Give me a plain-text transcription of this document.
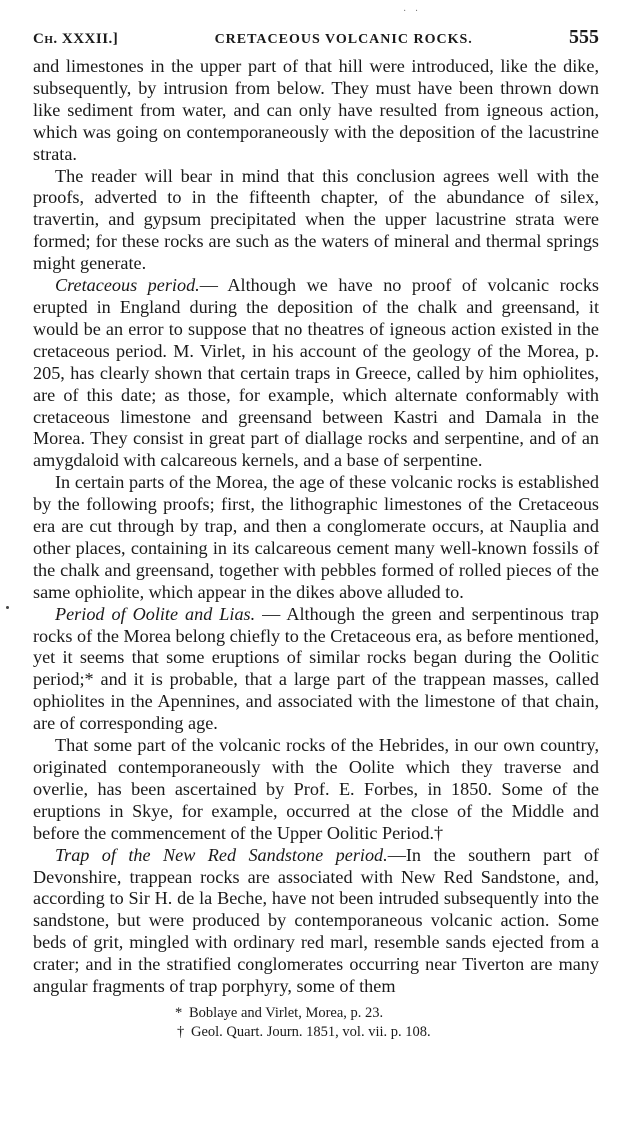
· ·
Ch. XXXII.]	CRETACEOUS VOLCANIC ROCKS.	555

and limestones in the upper part of that hill were introduced, like the dike, subsequently, by intrusion from below. They must have been thrown down like sediment from water, and can only have resulted from igneous action, which was going on contemporaneously with the deposition of the lacustrine strata.

The reader will bear in mind that this conclusion agrees well with the proofs, adverted to in the fifteenth chapter, of the abundance of silex, travertin, and gypsum precipitated when the upper lacustrine strata were formed; for these rocks are such as the waters of mineral and thermal springs might generate.

Cretaceous period.— Although we have no proof of volcanic rocks erupted in England during the deposition of the chalk and greensand, it would be an error to suppose that no theatres of igneous action existed in the cretaceous period. M. Virlet, in his account of the geology of the Morea, p. 205, has clearly shown that certain traps in Greece, called by him ophiolites, are of this date; as those, for example, which alternate conformably with cretaceous limestone and greensand between Kastri and Damala in the Morea. They consist in great part of diallage rocks and serpentine, and of an amygdaloid with calcareous kernels, and a base of serpentine.

In certain parts of the Morea, the age of these volcanic rocks is established by the following proofs; first, the lithographic limestones of the Cretaceous era are cut through by trap, and then a conglomerate occurs, at Nauplia and other places, containing in its calcareous cement many well-known fossils of the chalk and greensand, together with pebbles formed of rolled pieces of the same ophiolite, which appear in the dikes above alluded to.

Period of Oolite and Lias. — Although the green and serpentinous trap rocks of the Morea belong chiefly to the Cretaceous era, as before mentioned, yet it seems that some eruptions of similar rocks began during the Oolitic period;* and it is probable, that a large part of the trappean masses, called ophiolites in the Apennines, and associated with the limestone of that chain, are of corresponding age.

That some part of the volcanic rocks of the Hebrides, in our own country, originated contemporaneously with the Oolite which they traverse and overlie, has been ascertained by Prof. E. Forbes, in 1850. Some of the eruptions in Skye, for example, occurred at the close of the Middle and before the commencement of the Upper Oolitic Period.†

Trap of the New Red Sandstone period.—In the southern part of Devonshire, trappean rocks are associated with New Red Sandstone, and, according to Sir H. de la Beche, have not been intruded subsequently into the sandstone, but were produced by contemporaneous volcanic action. Some beds of grit, mingled with ordinary red marl, resemble sands ejected from a crater; and in the stratified conglomerates occurring near Tiverton are many angular fragments of trap porphyry, some of them

* Boblaye and Virlet, Morea, p. 23.

† Geol. Quart. Journ. 1851, vol. vii. p. 108.
